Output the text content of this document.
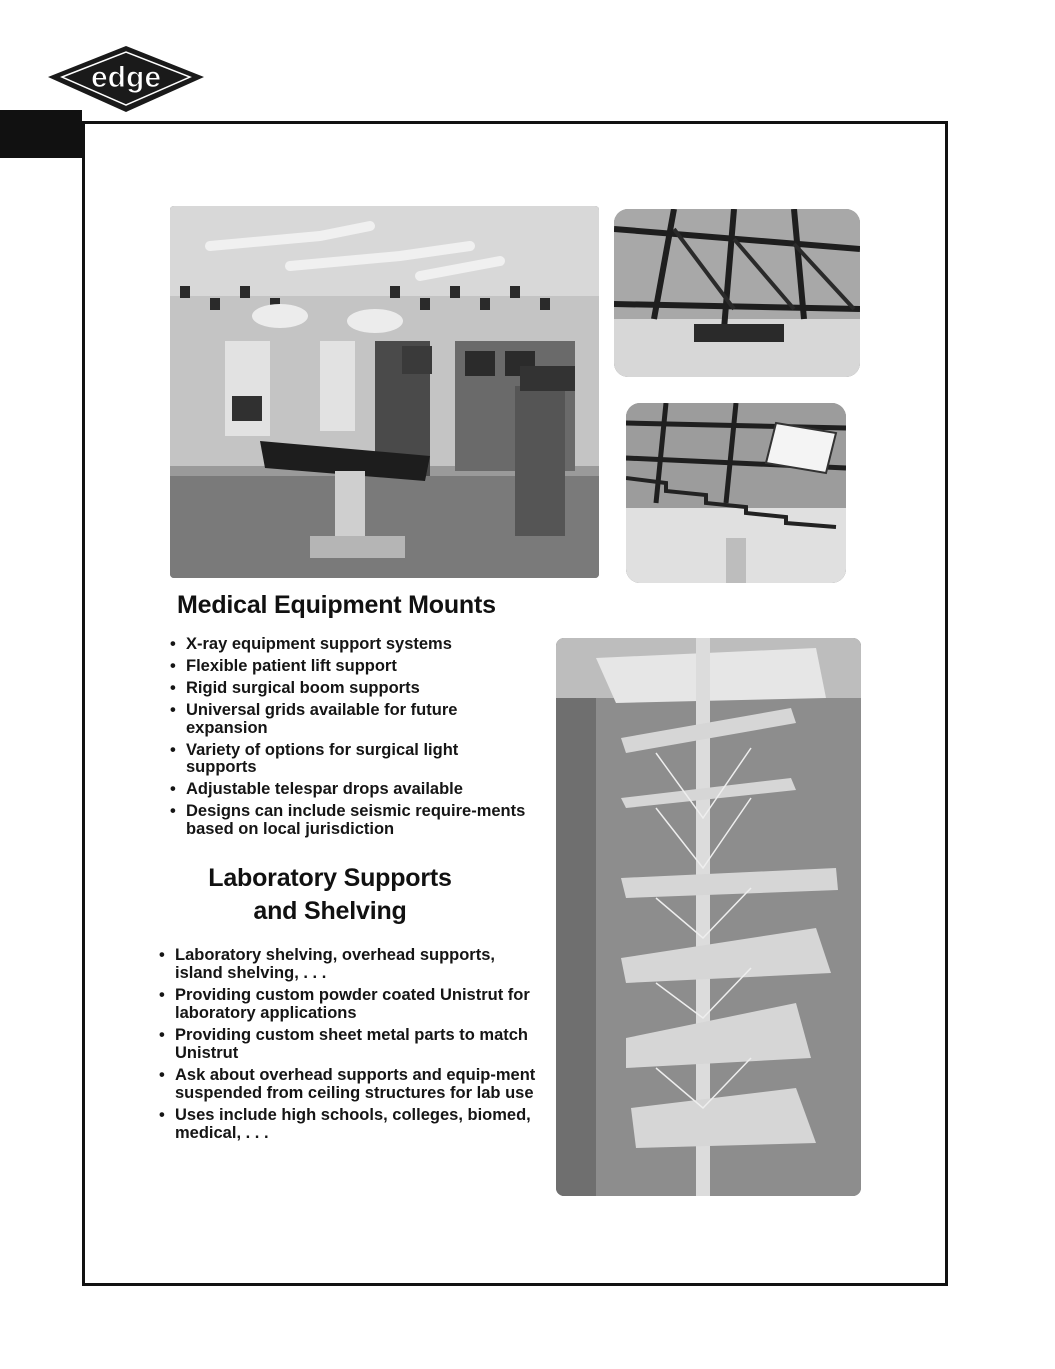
edge
Medical Equipment Mounts
• X-ray equipment support systems
• Flexible patient lift support
• Rigid surgical boom supports
• Universal grids available for future expansion
• Variety of options for surgical light supports
• Adjustable telespar drops available
• Designs can include seismic require-ments based on local jurisdiction
Laboratory Supports
and Shelving
• Laboratory shelving, overhead supports, island shelving, . . .
• Providing custom powder coated Unistrut for laboratory applications
• Providing custom sheet metal parts to match Unistrut
• Ask about overhead supports and equip-ment suspended from ceiling structures for lab use
• Uses include high schools, colleges, biomed, medical, . . .
